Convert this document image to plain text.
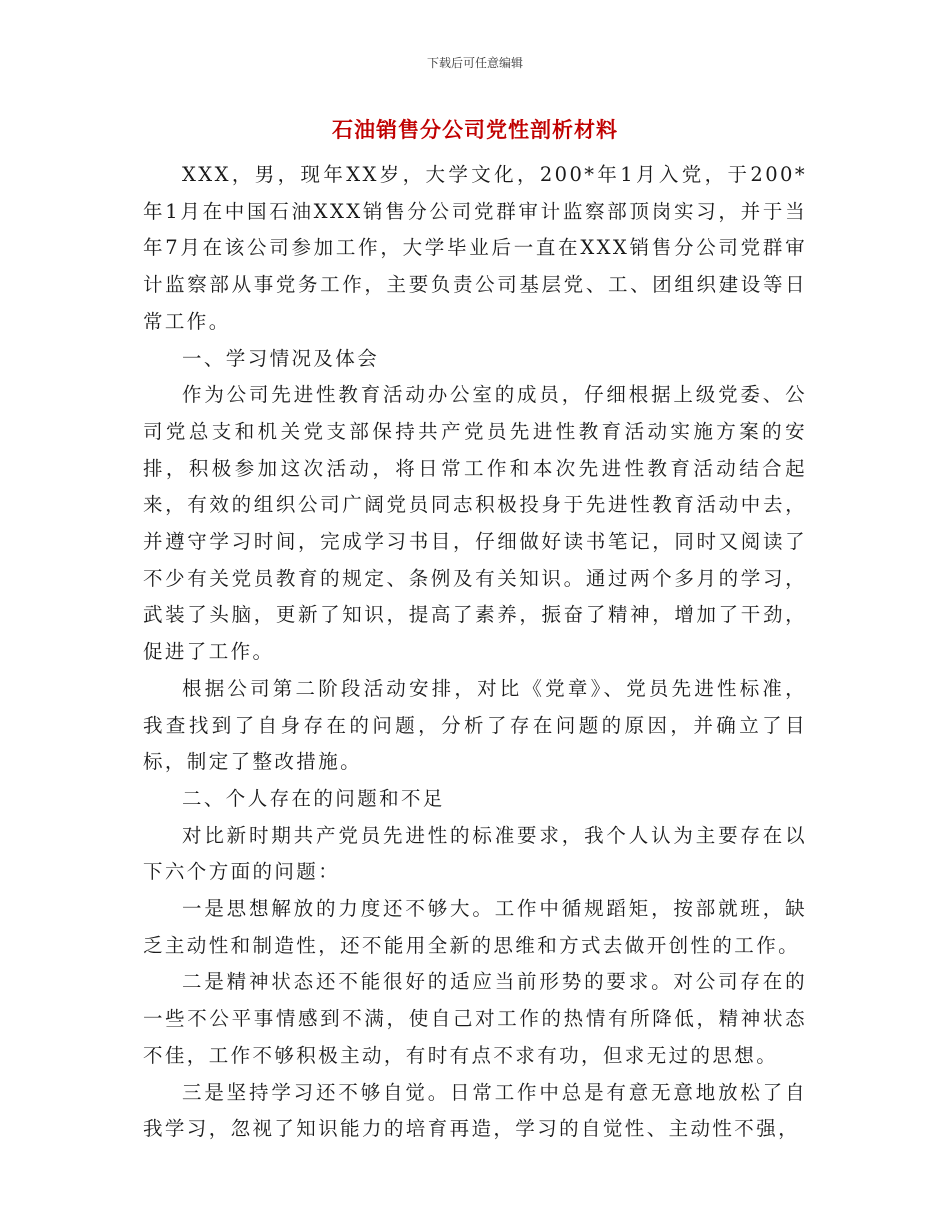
下载后可任意编辑
石油销售分公司党性剖析材料

XXX，男，现年XX岁，大学文化，200*年1月入党，于200*年1月在中国石油XXX销售分公司党群审计监察部顶岗实习，并于当年7月在该公司参加工作，大学毕业后一直在XXX销售分公司党群审计监察部从事党务工作，主要负责公司基层党、工、团组织建设等日常工作。

一、学习情况及体会

作为公司先进性教育活动办公室的成员，仔细根据上级党委、公司党总支和机关党支部保持共产党员先进性教育活动实施方案的安排，积极参加这次活动，将日常工作和本次先进性教育活动结合起来，有效的组织公司广阔党员同志积极投身于先进性教育活动中去，并遵守学习时间，完成学习书目，仔细做好读书笔记，同时又阅读了不少有关党员教育的规定、条例及有关知识。通过两个多月的学习，武装了头脑，更新了知识，提高了素养，振奋了精神，增加了干劲，促进了工作。

根据公司第二阶段活动安排，对比《党章》、党员先进性标准，我查找到了自身存在的问题，分析了存在问题的原因，并确立了目标，制定了整改措施。

二、个人存在的问题和不足

对比新时期共产党员先进性的标准要求，我个人认为主要存在以下六个方面的问题：

一是思想解放的力度还不够大。工作中循规蹈矩，按部就班，缺乏主动性和制造性，还不能用全新的思维和方式去做开创性的工作。

二是精神状态还不能很好的适应当前形势的要求。对公司存在的一些不公平事情感到不满，使自己对工作的热情有所降低，精神状态不佳，工作不够积极主动，有时有点不求有功，但求无过的思想。

三是坚持学习还不够自觉。日常工作中总是有意无意地放松了自我学习，忽视了知识能力的培育再造，学习的自觉性、主动性不强，
